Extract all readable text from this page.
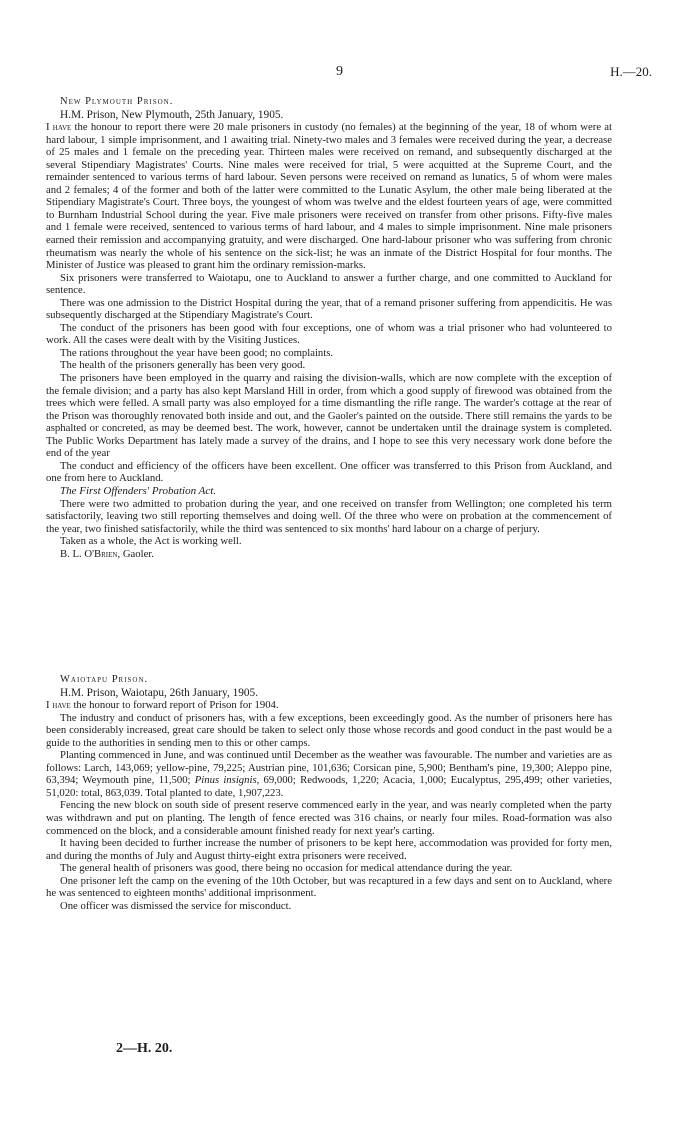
9	H.—20.

New Plymouth Prison.

H.M. Prison, New Plymouth, 25th January, 1905.

I have the honour to report there were 20 male prisoners in custody (no females) at the beginning of the year, 18 of whom were at hard labour, 1 simple imprisonment, and 1 awaiting trial. Ninety-two males and 3 females were received during the year, a decrease of 25 males and 1 female on the preceding year. Thirteen males were received on remand, and subsequently discharged at the several Stipendiary Magistrates' Courts. Nine males were received for trial, 5 were acquitted at the Supreme Court, and the remainder sentenced to various terms of hard labour. Seven persons were received on remand as lunatics, 5 of whom were males and 2 females; 4 of the former and both of the latter were committed to the Lunatic Asylum, the other male being liberated at the Stipendiary Magistrate's Court. Three boys, the youngest of whom was twelve and the eldest fourteen years of age, were committed to Burnham Industrial School during the year. Five male prisoners were received on transfer from other prisons. Fifty-five males and 1 female were received, sentenced to various terms of hard labour, and 4 males to simple imprisonment. Nine male prisoners earned their remission and accompanying gratuity, and were discharged. One hard-labour prisoner who was suffering from chronic rheumatism was nearly the whole of his sentence on the sick-list; he was an inmate of the District Hospital for four months. The Minister of Justice was pleased to grant him the ordinary remission-marks.

Six prisoners were transferred to Waiotapu, one to Auckland to answer a further charge, and one committed to Auckland for sentence.

There was one admission to the District Hospital during the year, that of a remand prisoner suffering from appendicitis. He was subsequently discharged at the Stipendiary Magistrate's Court.

The conduct of the prisoners has been good with four exceptions, one of whom was a trial prisoner who had volunteered to work. All the cases were dealt with by the Visiting Justices.

The rations throughout the year have been good; no complaints.

The health of the prisoners generally has been very good.

The prisoners have been employed in the quarry and raising the division-walls, which are now complete with the exception of the female division; and a party has also kept Marsland Hill in order, from which a good supply of firewood was obtained from the trees which were felled. A small party was also employed for a time dismantling the rifle range. The warder's cottage at the rear of the Prison was thoroughly renovated both inside and out, and the Gaoler's painted on the outside. There still remains the yards to be asphalted or concreted, as may be deemed best. The work, however, cannot be undertaken until the drainage system is completed. The Public Works Department has lately made a survey of the drains, and I hope to see this very necessary work done before the end of the year

The conduct and efficiency of the officers have been excellent. One officer was transferred to this Prison from Auckland, and one from here to Auckland.

The First Offenders' Probation Act.

There were two admitted to probation during the year, and one received on transfer from Wellington; one completed his term satisfactorily, leaving two still reporting themselves and doing well. Of the three who were on probation at the commencement of the year, two finished satisfactorily, while the third was sentenced to six months' hard labour on a charge of perjury.

Taken as a whole, the Act is working well.

B. L. O'Brien, Gaoler.

Waiotapu Prison.

H.M. Prison, Waiotapu, 26th January, 1905.

I have the honour to forward report of Prison for 1904.

The industry and conduct of prisoners has, with a few exceptions, been exceedingly good. As the number of prisoners here has been considerably increased, great care should be taken to select only those whose records and good conduct in the past would be a guide to the authorities in sending men to this or other camps.

Planting commenced in June, and was continued until December as the weather was favourable. The number and varieties are as follows: Larch, 143,069; yellow-pine, 79,225; Austrian pine, 101,636; Corsican pine, 5,900; Bentham's pine, 19,300; Aleppo pine, 63,394; Weymouth pine, 11,500; Pinus insignis, 69,000; Redwoods, 1,220; Acacia, 1,000; Eucalyptus, 295,499; other varieties, 51,020: total, 863,039. Total planted to date, 1,907,223.

Fencing the new block on south side of present reserve commenced early in the year, and was nearly completed when the party was withdrawn and put on planting. The length of fence erected was 316 chains, or nearly four miles. Road-formation was also commenced on the block, and a considerable amount finished ready for next year's carting.

It having been decided to further increase the number of prisoners to be kept here, accommodation was provided for forty men, and during the months of July and August thirty-eight extra prisoners were received.

The general health of prisoners was good, there being no occasion for medical attendance during the year.

One prisoner left the camp on the evening of the 10th October, but was recaptured in a few days and sent on to Auckland, where he was sentenced to eighteen months' additional imprisonment.

One officer was dismissed the service for misconduct.

2—H. 20.
